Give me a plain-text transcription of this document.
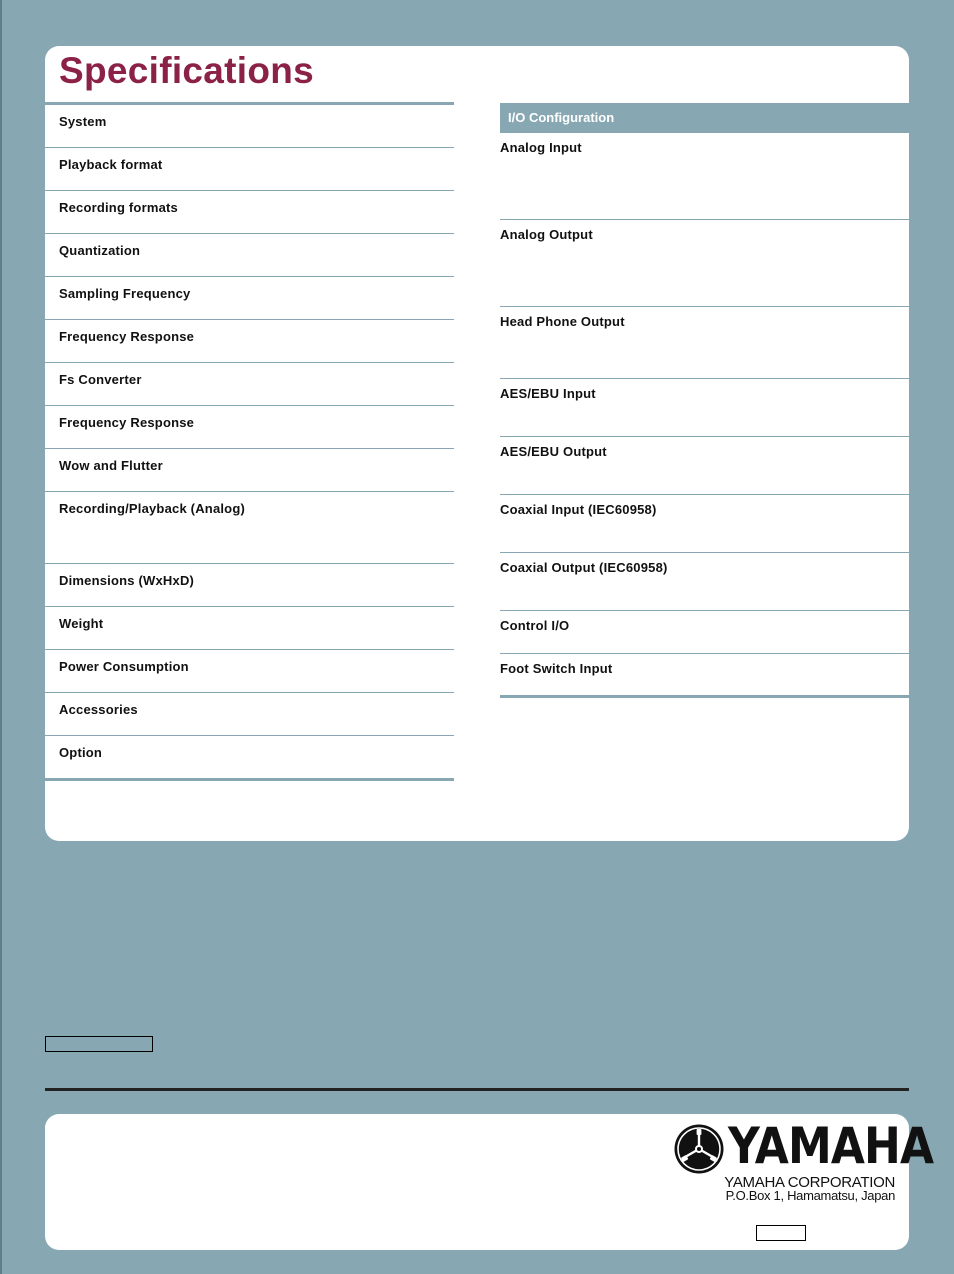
Specifications
System
Playback format
Recording formats
Quantization
Sampling Frequency
Frequency Response
Fs Converter
Frequency Response
Wow and Flutter
Recording/Playback (Analog)
Dimensions (WxHxD)
Weight
Power Consumption
Accessories
Option
I/O Configuration
Analog Input
Analog Output
Head Phone Output
AES/EBU Input
AES/EBU Output
Coaxial Input (IEC60958)
Coaxial Output (IEC60958)
Control I/O
Foot Switch Input
YAMAHA
YAMAHA CORPORATION
P.O.Box 1, Hamamatsu, Japan
